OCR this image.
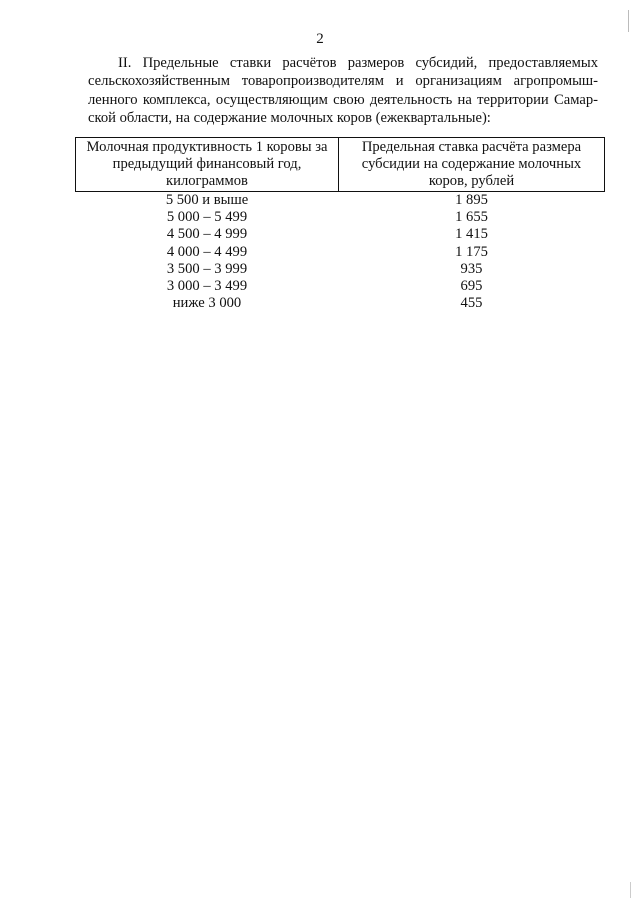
2

II. Предельные ставки расчётов размеров субсидий, предоставляемых
сельскохозяйственным товаропроизводителям и организациям агропромыш-
ленного комплекса, осуществляющим свою деятельность на территории Самар-
ской области, на содержание молочных коров (ежеквартальные):

Молочная продуктивность 1 коровы за предыдущий финансовый год, килограммов	Предельная ставка расчёта размера субсидии на содержание молочных коров, рублей
5 500 и выше	1 895
5 000 – 5 499	1 655
4 500 – 4 999	1 415
4 000 – 4 499	1 175
3 500 – 3 999	935
3 000 – 3 499	695
ниже 3 000	455
